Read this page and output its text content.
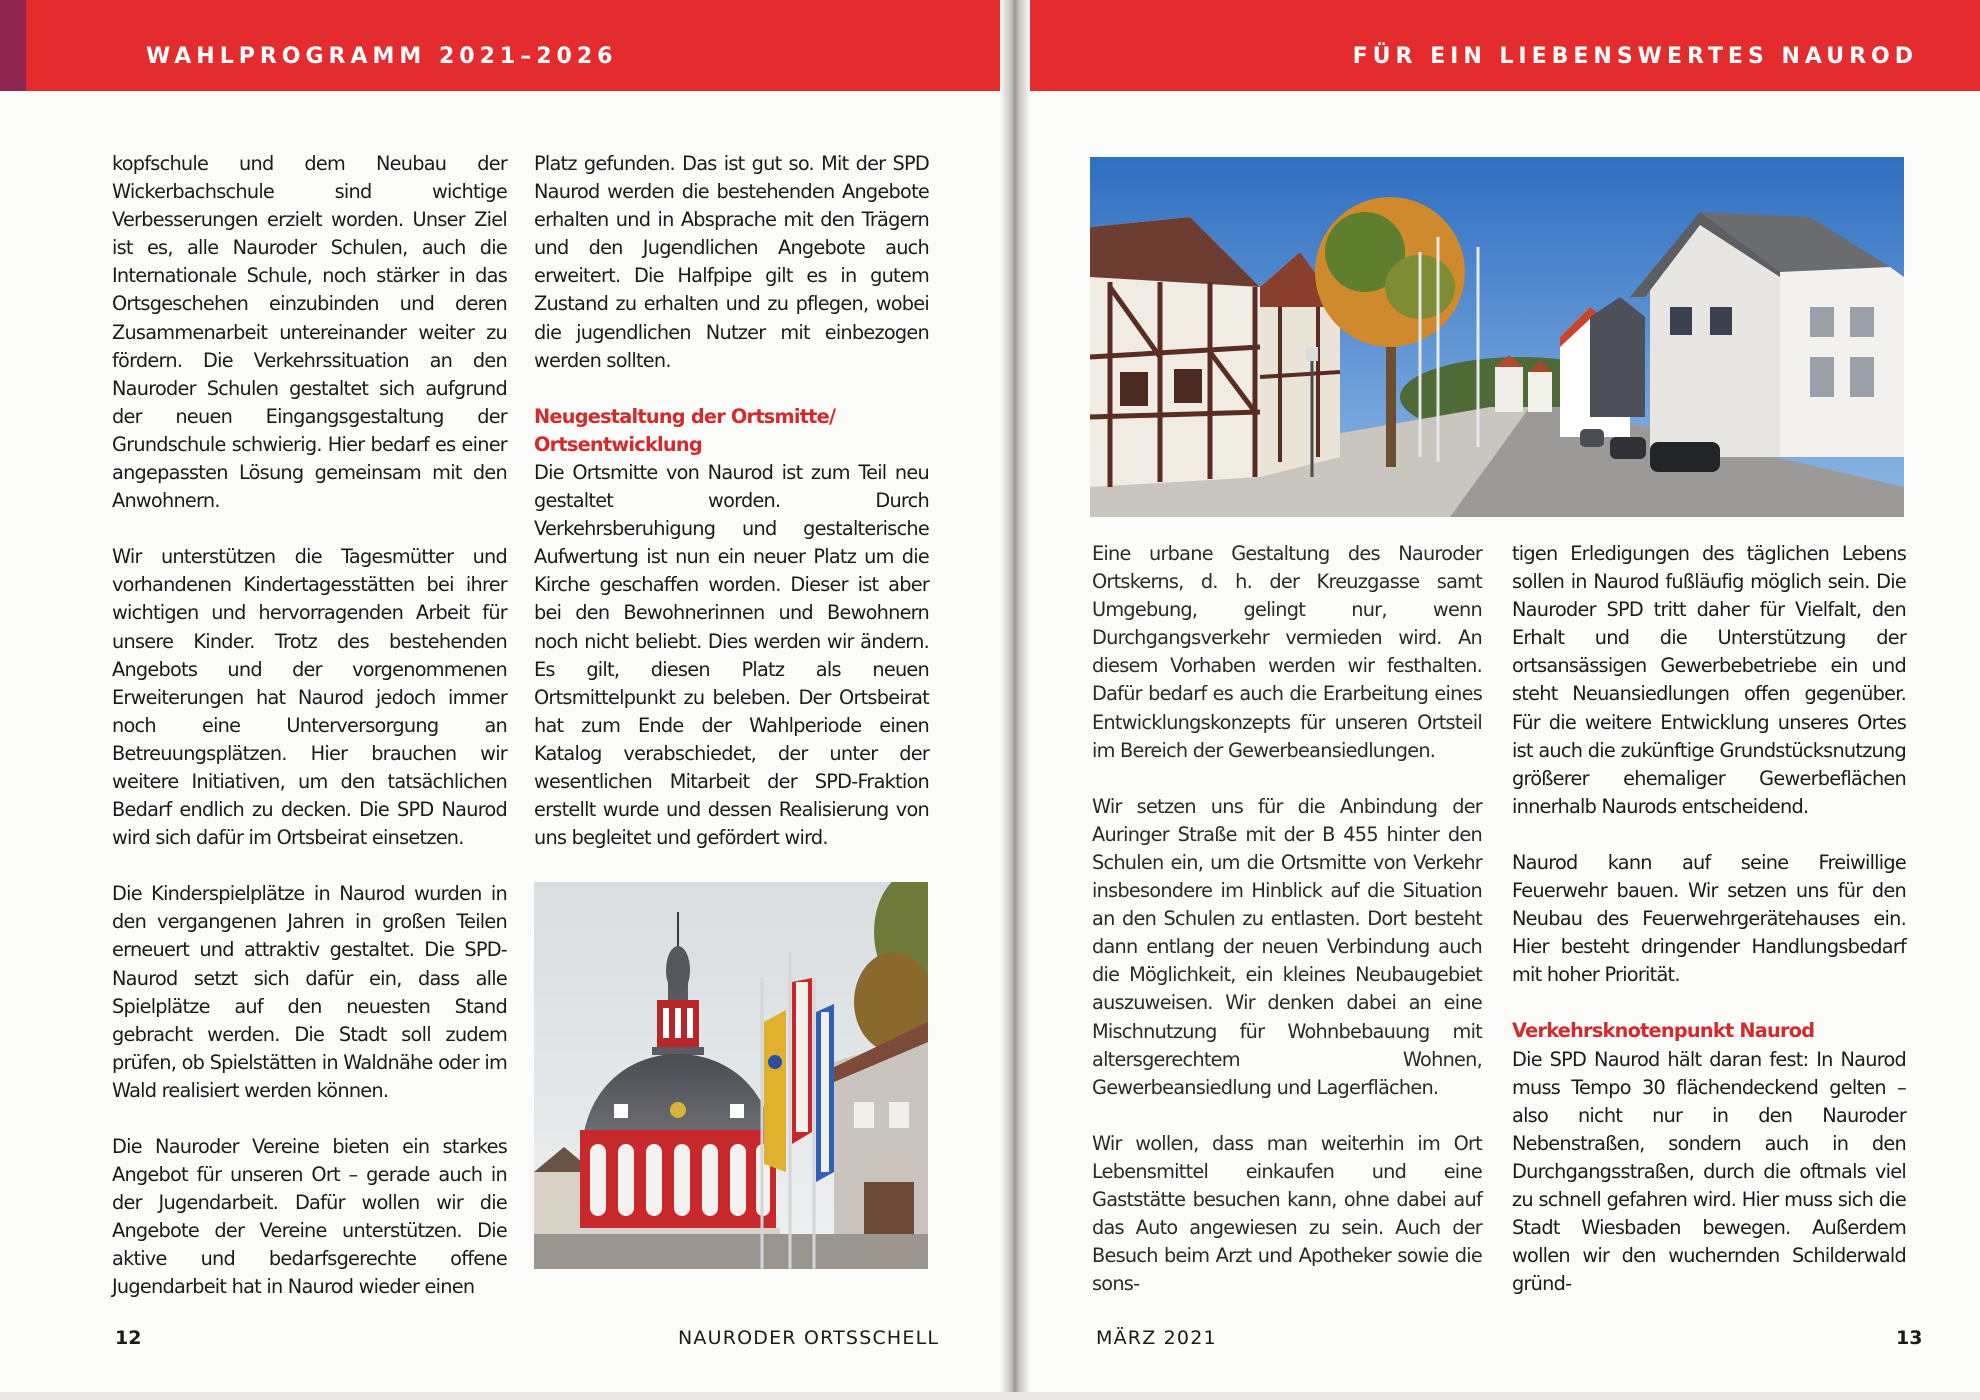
WAHLPROGRAMM 2021–2026

kopfschule und dem Neubau der Wickerbachschule sind wichtige Verbesserungen erzielt worden. Unser Ziel ist es, alle Nauroder Schulen, auch die Internationale Schule, noch stärker in das Ortsgeschehen einzubinden und deren Zusammenarbeit untereinander weiter zu fördern. Die Verkehrssituation an den Nauroder Schulen gestaltet sich aufgrund der neuen Eingangsgestaltung der Grundschule schwierig. Hier bedarf es einer angepassten Lösung gemeinsam mit den Anwohnern.

Wir unterstützen die Tagesmütter und vorhandenen Kindertagesstätten bei ihrer wichtigen und hervorragenden Arbeit für unsere Kinder. Trotz des bestehenden Angebots und der vorgenommenen Erweiterungen hat Naurod jedoch immer noch eine Unterversorgung an Betreuungsplätzen. Hier brauchen wir weitere Initiativen, um den tatsächlichen Bedarf endlich zu decken. Die SPD Naurod wird sich dafür im Ortsbeirat einsetzen.

Die Kinderspielplätze in Naurod wurden in den vergangenen Jahren in großen Teilen erneuert und attraktiv gestaltet. Die SPD-Naurod setzt sich dafür ein, dass alle Spielplätze auf den neuesten Stand gebracht werden. Die Stadt soll zudem prüfen, ob Spielstätten in Waldnähe oder im Wald realisiert werden können.

Die Nauroder Vereine bieten ein starkes Angebot für unseren Ort – gerade auch in der Jugendarbeit. Dafür wollen wir die Angebote der Vereine unterstützen. Die aktive und bedarfsgerechte offene Jugendarbeit hat in Naurod wieder einen

Platz gefunden. Das ist gut so. Mit der SPD Naurod werden die bestehenden Angebote erhalten und in Absprache mit den Trägern und den Jugendlichen Angebote auch erweitert. Die Halfpipe gilt es in gutem Zustand zu erhalten und zu pflegen, wobei die jugendlichen Nutzer mit einbezogen werden sollten.

Neugestaltung der Ortsmitte/ Ortsentwicklung

Die Ortsmitte von Naurod ist zum Teil neu gestaltet worden. Durch Verkehrsberuhigung und gestalterische Aufwertung ist nun ein neuer Platz um die Kirche geschaffen worden. Dieser ist aber bei den Bewohnerinnen und Bewohnern noch nicht beliebt. Dies werden wir ändern. Es gilt, diesen Platz als neuen Ortsmittelpunkt zu beleben. Der Ortsbeirat hat zum Ende der Wahlperiode einen Katalog verabschiedet, der unter der wesentlichen Mitarbeit der SPD-Fraktion erstellt wurde und dessen Realisierung von uns begleitet und gefördert wird.

12	NAURODER ORTSSCHELL
FÜR EIN LIEBENSWERTES NAUROD

Eine urbane Gestaltung des Nauroder Ortskerns, d. h. der Kreuzgasse samt Umgebung, gelingt nur, wenn Durchgangsverkehr vermieden wird. An diesem Vorhaben werden wir festhalten. Dafür bedarf es auch die Erarbeitung eines Entwicklungskonzepts für unseren Ortsteil im Bereich der Gewerbeansiedlungen.

Wir setzen uns für die Anbindung der Auringer Straße mit der B 455 hinter den Schulen ein, um die Ortsmitte von Verkehr insbesondere im Hinblick auf die Situation an den Schulen zu entlasten. Dort besteht dann entlang der neuen Verbindung auch die Möglichkeit, ein kleines Neubaugebiet auszuweisen. Wir denken dabei an eine Mischnutzung für Wohnbebauung mit altersgerechtem Wohnen, Gewerbeansiedlung und Lagerflächen.

Wir wollen, dass man weiterhin im Ort Lebensmittel einkaufen und eine Gaststätte besuchen kann, ohne dabei auf das Auto angewiesen zu sein. Auch der Besuch beim Arzt und Apotheker sowie die sons-

tigen Erledigungen des täglichen Lebens sollen in Naurod fußläufig möglich sein. Die Nauroder SPD tritt daher für Vielfalt, den Erhalt und die Unterstützung der ortsansässigen Gewerbebetriebe ein und steht Neuansiedlungen offen gegenüber. Für die weitere Entwicklung unseres Ortes ist auch die zukünftige Grundstücksnutzung größerer ehemaliger Gewerbeflächen innerhalb Naurods entscheidend.

Naurod kann auf seine Freiwillige Feuerwehr bauen. Wir setzen uns für den Neubau des Feuerwehrgerätehauses ein. Hier besteht dringender Handlungsbedarf mit hoher Priorität.

Verkehrsknotenpunkt Naurod

Die SPD Naurod hält daran fest: In Naurod muss Tempo 30 flächendeckend gelten – also nicht nur in den Nauroder Nebenstraßen, sondern auch in den Durchgangsstraßen, durch die oftmals viel zu schnell gefahren wird. Hier muss sich die Stadt Wiesbaden bewegen. Außerdem wollen wir den wuchernden Schilderwald gründ-

MÄRZ 2021	13
